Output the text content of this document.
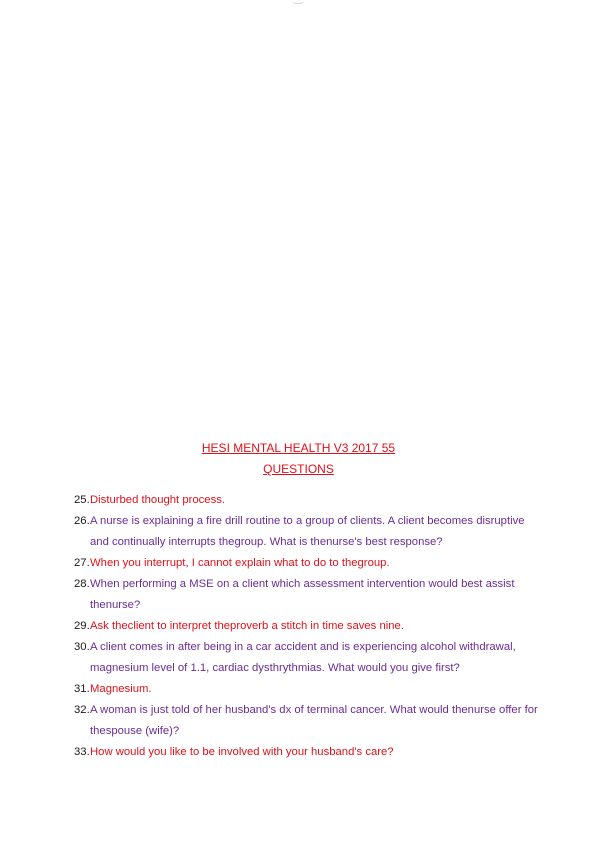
HESI MENTAL HEALTH V3 2017 55
QUESTIONS
25. Disturbed thought process.
26. A nurse is explaining a fire drill routine to a group of clients. A client becomes disruptive and continually interrupts thegroup. What is thenurse's best response?
27. When you interrupt, I cannot explain what to do to thegroup.
28. When performing a MSE on a client which assessment intervention would best assist thenurse?
29. Ask theclient to interpret theproverb a stitch in time saves nine.
30. A client comes in after being in a car accident and is experiencing alcohol withdrawal, magnesium level of 1.1, cardiac dysthrythmias. What would you give first?
31. Magnesium.
32. A woman is just told of her husband's dx of terminal cancer. What would thenurse offer for thespouse (wife)?
33. How would you like to be involved with your husband's care?
